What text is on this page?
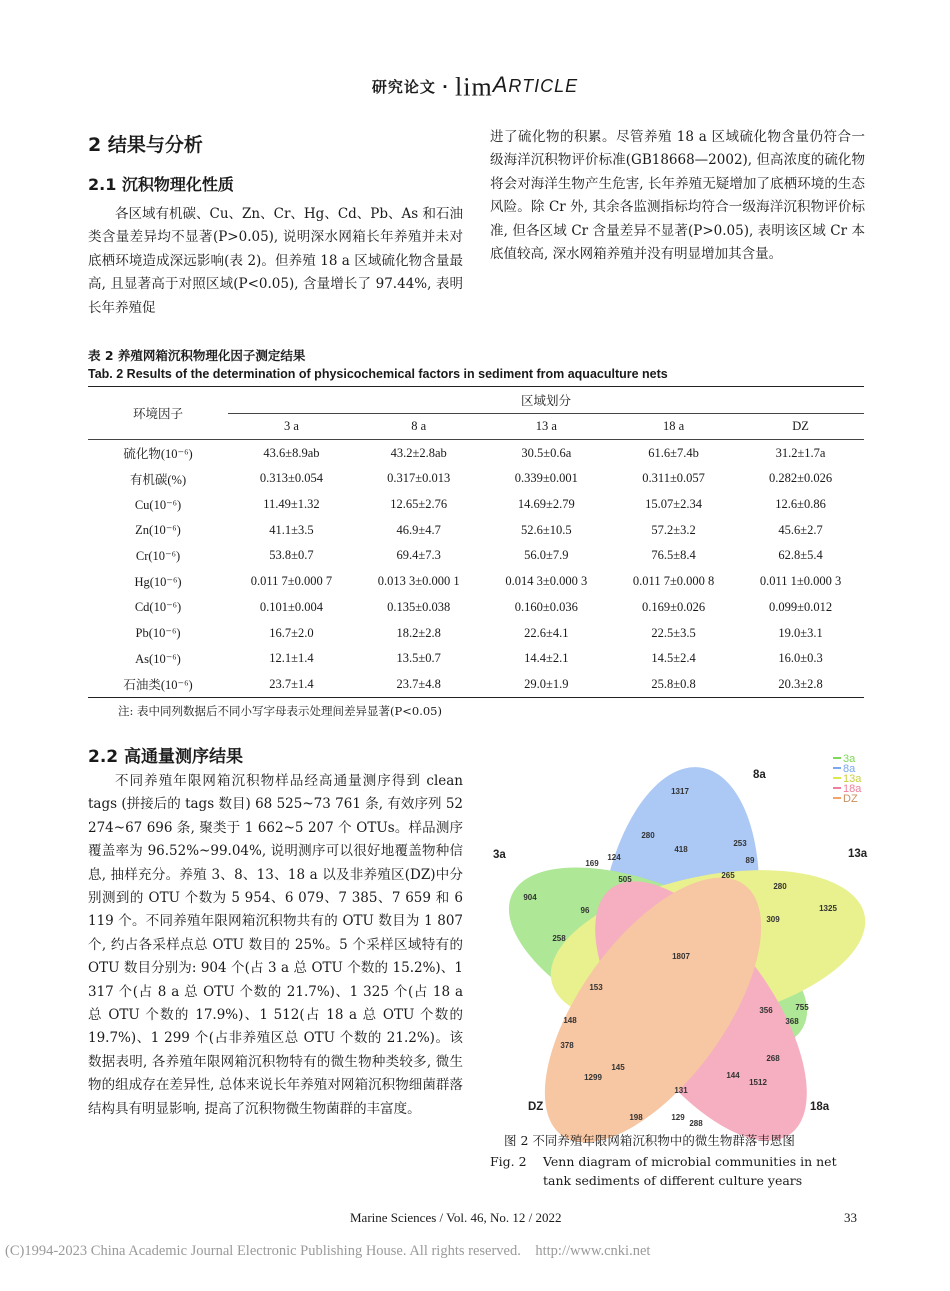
研究论文 · limARTICLE
2 结果与分析
2.1 沉积物理化性质
各区域有机碳、Cu、Zn、Cr、Hg、Cd、Pb、As 和石油类含量差异均不显著(P>0.05), 说明深水网箱长年养殖并未对底栖环境造成深远影响(表 2)。但养殖 18 a 区域硫化物含量最高, 且显著高于对照区域(P<0.05), 含量增长了 97.44%, 表明长年养殖促
进了硫化物的积累。尽管养殖 18 a 区域硫化物含量仍符合一级海洋沉积物评价标准(GB18668—2002), 但高浓度的硫化物将会对海洋生物产生危害, 长年养殖无疑增加了底栖环境的生态风险。除 Cr 外, 其余各监测指标均符合一级海洋沉积物评价标准, 但各区域 Cr 含量差异不显著(P>0.05), 表明该区域 Cr 本底值较高, 深水网箱养殖并没有明显增加其含量。
表 2 养殖网箱沉积物理化因子测定结果
Tab. 2 Results of the determination of physicochemical factors in sediment from aquaculture nets
环境因子	区域划分				
	3 a	8 a	13 a	18 a	DZ
硫化物(10⁻⁶)	43.6±8.9ab	43.2±2.8ab	30.5±0.6a	61.6±7.4b	31.2±1.7a
有机碳(%)	0.313±0.054	0.317±0.013	0.339±0.001	0.311±0.057	0.282±0.026
Cu(10⁻⁶)	11.49±1.32	12.65±2.76	14.69±2.79	15.07±2.34	12.6±0.86
Zn(10⁻⁶)	41.1±3.5	46.9±4.7	52.6±10.5	57.2±3.2	45.6±2.7
Cr(10⁻⁶)	53.8±0.7	69.4±7.3	56.0±7.9	76.5±8.4	62.8±5.4
Hg(10⁻⁶)	0.011 7±0.000 7	0.013 3±0.000 1	0.014 3±0.000 3	0.011 7±0.000 8	0.011 1±0.000 3
Cd(10⁻⁶)	0.101±0.004	0.135±0.038	0.160±0.036	0.169±0.026	0.099±0.012
Pb(10⁻⁶)	16.7±2.0	18.2±2.8	22.6±4.1	22.5±3.5	19.0±3.1
As(10⁻⁶)	12.1±1.4	13.5±0.7	14.4±2.1	14.5±2.4	16.0±0.3
石油类(10⁻⁶)	23.7±1.4	23.7±4.8	29.0±1.9	25.8±0.8	20.3±2.8
注: 表中同列数据后不同小写字母表示处理间差异显著(P<0.05)
2.2 高通量测序结果
不同养殖年限网箱沉积物样品经高通量测序得到 clean tags (拼接后的 tags 数目) 68 525~73 761 条, 有效序列 52 274~67 696 条, 聚类于 1 662~5 207 个 OTUs。样品测序覆盖率为 96.52%~99.04%, 说明测序可以很好地覆盖物种信息, 抽样充分。养殖 3、8、13、18 a 以及非养殖区(DZ)中分别测到的 OTU 个数为 5 954、6 079、7 385、7 659 和 6 119 个。不同养殖年限网箱沉积物共有的 OTU 数目为 1 807 个, 约占各采样点总 OTU 数目的 25%。5 个采样区域特有的 OTU 数目分别为: 904 个(占 3 a 总 OTU 个数的 15.2%)、1 317 个(占 8 a 总 OTU 个数的 21.7%)、1 325 个(占 18 a 总 OTU 个数的 17.9%)、1 512(占 18 a 总 OTU 个数的 19.7%)、1 299 个(占非养殖区总 OTU 个数的 21.2%)。该数据表明, 各养殖年限网箱沉积物特有的微生物种类较多, 微生物的组成存在差异性, 总体来说长年养殖对网箱沉积物细菌群落结构具有明显影响, 提高了沉积物微生物菌群的丰富度。
3a
8a
13a
18a
DZ
8a
3a	13a
18a
DZ
1317
904
1325
1512
1299
280
253
418
89
169
124
505	265
280
96
309
258
1807
153
356	755
148	368
378
145
268
144
131
198	129
288
图 2 不同养殖年限网箱沉积物中的微生物群落韦恩图
Fig. 2	Venn diagram of microbial communities in net tank sediments of different culture years
Marine Sciences / Vol. 46, No. 12 / 2022	33
(C)1994-2023 China Academic Journal Electronic Publishing House. All rights reserved.    http://www.cnki.net
